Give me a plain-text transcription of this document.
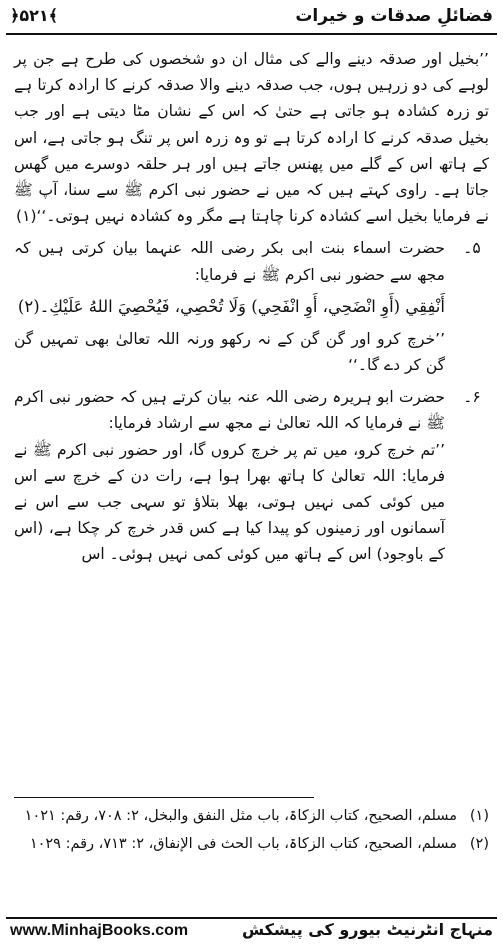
فضائلِ صدقات و خیرات
﴿۵۲۱﴾

’’بخیل اور صدقہ دینے والے کی مثال ان دو شخصوں کی طرح ہے جن پر لوہے کی دو زرہیں ہوں، جب صدقہ دینے والا صدقہ کرنے کا ارادہ کرتا ہے تو زرہ کشادہ ہو جاتی ہے حتیٰ کہ اس کے نشان مٹا دیتی ہے اور جب بخیل صدقہ کرنے کا ارادہ کرتا ہے تو وہ زرہ اس پر تنگ ہو جاتی ہے، اس کے ہاتھ اس کے گلے میں پھنس جاتے ہیں اور ہر حلقہ دوسرے میں گھس جاتا ہے۔ راوی کہتے ہیں کہ میں نے حضور نبی اکرم ﷺ سے سنا، آپ ﷺ نے فرمایا بخیل اسے کشادہ کرنا چاہتا ہے مگر وہ کشادہ نہیں ہوتی۔‘‘(۱)

۵۔
حضرت اسماء بنت ابی بکر رضی اللہ عنہما بیان کرتی ہیں کہ مجھ سے حضور نبی اکرم ﷺ نے فرمایا:
أَنْفِقِي (أَوِ انْضَحِي، أَوِ انْفَحِي) وَلَا تُحْصِي، فَيُحْصِيَ اللهُ عَلَيْكِ۔(۲)
’’خرچ کرو اور گن گن کے نہ رکھو ورنہ اللہ تعالیٰ بھی تمہیں گن گن کر دے گا۔‘‘
۶۔
حضرت ابو ہریرہ رضی اللہ عنہ بیان کرتے ہیں کہ حضور نبی اکرم ﷺ نے فرمایا کہ اللہ تعالیٰ نے مجھ سے ارشاد فرمایا:
’’تم خرچ کرو، میں تم پر خرچ کروں گا، اور حضور نبی اکرم ﷺ نے فرمایا: اللہ تعالیٰ کا ہاتھ بھرا ہوا ہے، رات دن کے خرچ سے اس میں کوئی کمی نہیں ہوتی، بھلا بتلاؤ تو سہی جب سے اس نے آسمانوں اور زمینوں کو پیدا کیا ہے کس قدر خرچ کر چکا ہے، (اس کے باوجود) اس کے ہاتھ میں کوئی کمی نہیں ہوئی۔ اس

(۱)
مسلم، الصحیح، کتاب الزکاۃ، باب مثل النفق والبخل، ۲: ۷۰۸، رقم: ۱۰۲۱

(۲)
مسلم، الصحیح، کتاب الزکاۃ، باب الحث فی الإنفاق، ۲: ۷۱۳، رقم: ۱۰۲۹

www.MinhajBooks.com	منہاج انٹرنیٹ بیورو کی پیشکش
